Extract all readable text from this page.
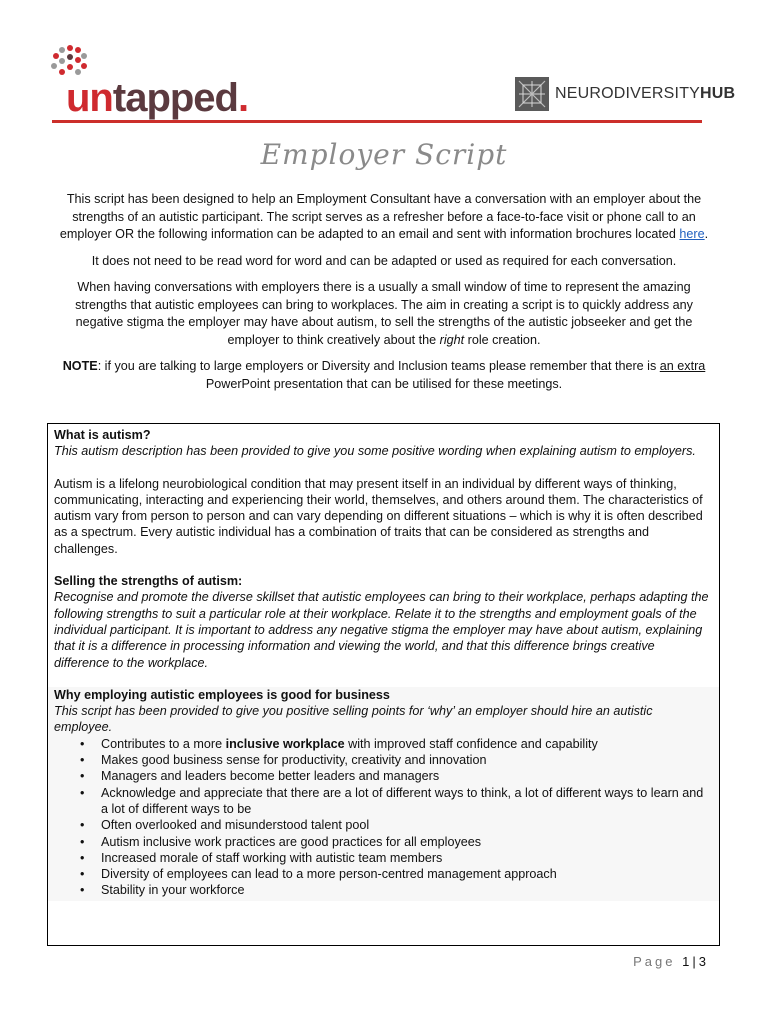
untapped.	NEURODIVERSITYHUB
Employer Script

This script has been designed to help an Employment Consultant have a conversation with an employer about the strengths of an autistic participant. The script serves as a refresher before a face-to-face visit or phone call to an employer OR the following information can be adapted to an email and sent with information brochures located here.

It does not need to be read word for word and can be adapted or used as required for each conversation.

When having conversations with employers there is a usually a small window of time to represent the amazing strengths that autistic employees can bring to workplaces. The aim in creating a script is to quickly address any negative stigma the employer may have about autism, to sell the strengths of the autistic jobseeker and get the employer to think creatively about the right role creation.

NOTE: if you are talking to large employers or Diversity and Inclusion teams please remember that there is an extra PowerPoint presentation that can be utilised for these meetings.

What is autism?

This autism description has been provided to give you some positive wording when explaining autism to employers.

Autism is a lifelong neurobiological condition that may present itself in an individual by different ways of thinking, communicating, interacting and experiencing their world, themselves, and others around them. The characteristics of autism vary from person to person and can vary depending on different situations – which is why it is often described as a spectrum. Every autistic individual has a combination of traits that can be considered as strengths and challenges.

Selling the strengths of autism:

Recognise and promote the diverse skillset that autistic employees can bring to their workplace, perhaps adapting the following strengths to suit a particular role at their workplace. Relate it to the strengths and employment goals of the individual participant. It is important to address any negative stigma the employer may have about autism, explaining that it is a difference in processing information and viewing the world, and that this difference brings creative difference to the workplace.

Why employing autistic employees is good for business

This script has been provided to give you positive selling points for ‘why’ an employer should hire an autistic employee.

• Contributes to a more inclusive workplace with improved staff confidence and capability
• Makes good business sense for productivity, creativity and innovation
• Managers and leaders become better leaders and managers
• Acknowledge and appreciate that there are a lot of different ways to think, a lot of different ways to learn and a lot of different ways to be
• Often overlooked and misunderstood talent pool
• Autism inclusive work practices are good practices for all employees
• Increased morale of staff working with autistic team members
• Diversity of employees can lead to a more person-centred management approach
• Stability in your workforce
Page 1 | 3
